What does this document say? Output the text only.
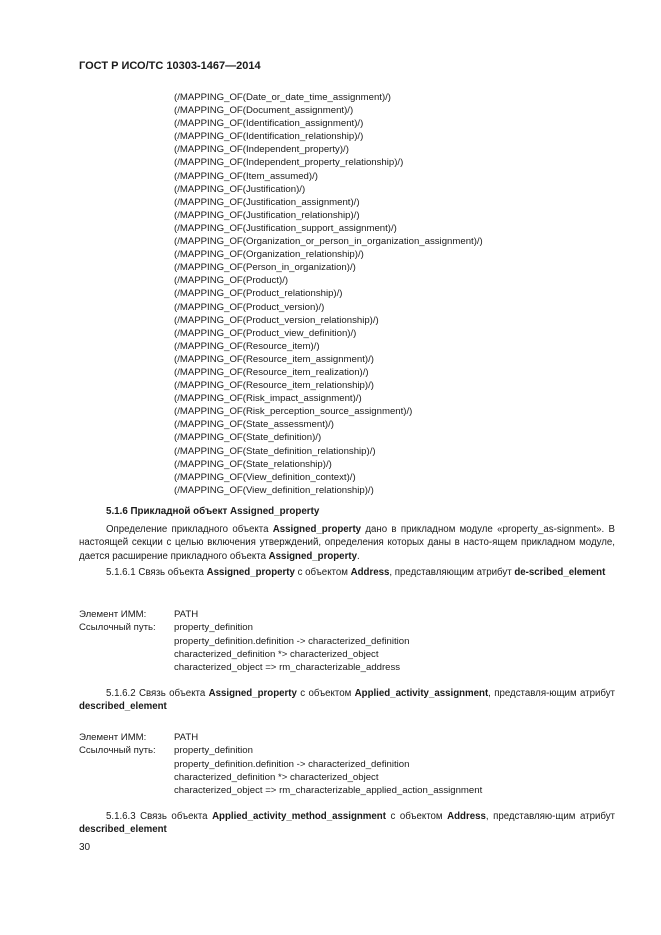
ГОСТ Р ИСО/ТС 10303-1467—2014
(/MAPPING_OF(Date_or_date_time_assignment)/)
(/MAPPING_OF(Document_assignment)/)
(/MAPPING_OF(Identification_assignment)/)
(/MAPPING_OF(Identification_relationship)/)
(/MAPPING_OF(Independent_property)/)
(/MAPPING_OF(Independent_property_relationship)/)
(/MAPPING_OF(Item_assumed)/)
(/MAPPING_OF(Justification)/)
(/MAPPING_OF(Justification_assignment)/)
(/MAPPING_OF(Justification_relationship)/)
(/MAPPING_OF(Justification_support_assignment)/)
(/MAPPING_OF(Organization_or_person_in_organization_assignment)/)
(/MAPPING_OF(Organization_relationship)/)
(/MAPPING_OF(Person_in_organization)/)
(/MAPPING_OF(Product)/)
(/MAPPING_OF(Product_relationship)/)
(/MAPPING_OF(Product_version)/)
(/MAPPING_OF(Product_version_relationship)/)
(/MAPPING_OF(Product_view_definition)/)
(/MAPPING_OF(Resource_item)/)
(/MAPPING_OF(Resource_item_assignment)/)
(/MAPPING_OF(Resource_item_realization)/)
(/MAPPING_OF(Resource_item_relationship)/)
(/MAPPING_OF(Risk_impact_assignment)/)
(/MAPPING_OF(Risk_perception_source_assignment)/)
(/MAPPING_OF(State_assessment)/)
(/MAPPING_OF(State_definition)/)
(/MAPPING_OF(State_definition_relationship)/)
(/MAPPING_OF(State_relationship)/)
(/MAPPING_OF(View_definition_context)/)
(/MAPPING_OF(View_definition_relationship)/)
5.1.6 Прикладной объект Assigned_property
Определение прикладного объекта Assigned_property дано в прикладном модуле «property_as-signment». В настоящей секции с целью включения утверждений, определения которых даны в насто-ящем прикладном модуле, дается расширение прикладного объекта Assigned_property.
5.1.6.1 Связь объекта Assigned_property с объектом Address, представляющим атрибут de-scribed_element
Элемент ИММ:	PATH
Ссылочный путь:	property_definition
property_definition.definition -> characterized_definition
characterized_definition *> characterized_object
characterized_object => rm_characterizable_address
5.1.6.2 Связь объекта Assigned_property с объектом Applied_activity_assignment, представля-ющим атрибут described_element
Элемент ИММ:	PATH
Ссылочный путь:	property_definition
property_definition.definition -> characterized_definition
characterized_definition *> characterized_object
characterized_object => rm_characterizable_applied_action_assignment
5.1.6.3 Связь объекта Applied_activity_method_assignment с объектом Address, представляю-щим атрибут described_element
30
